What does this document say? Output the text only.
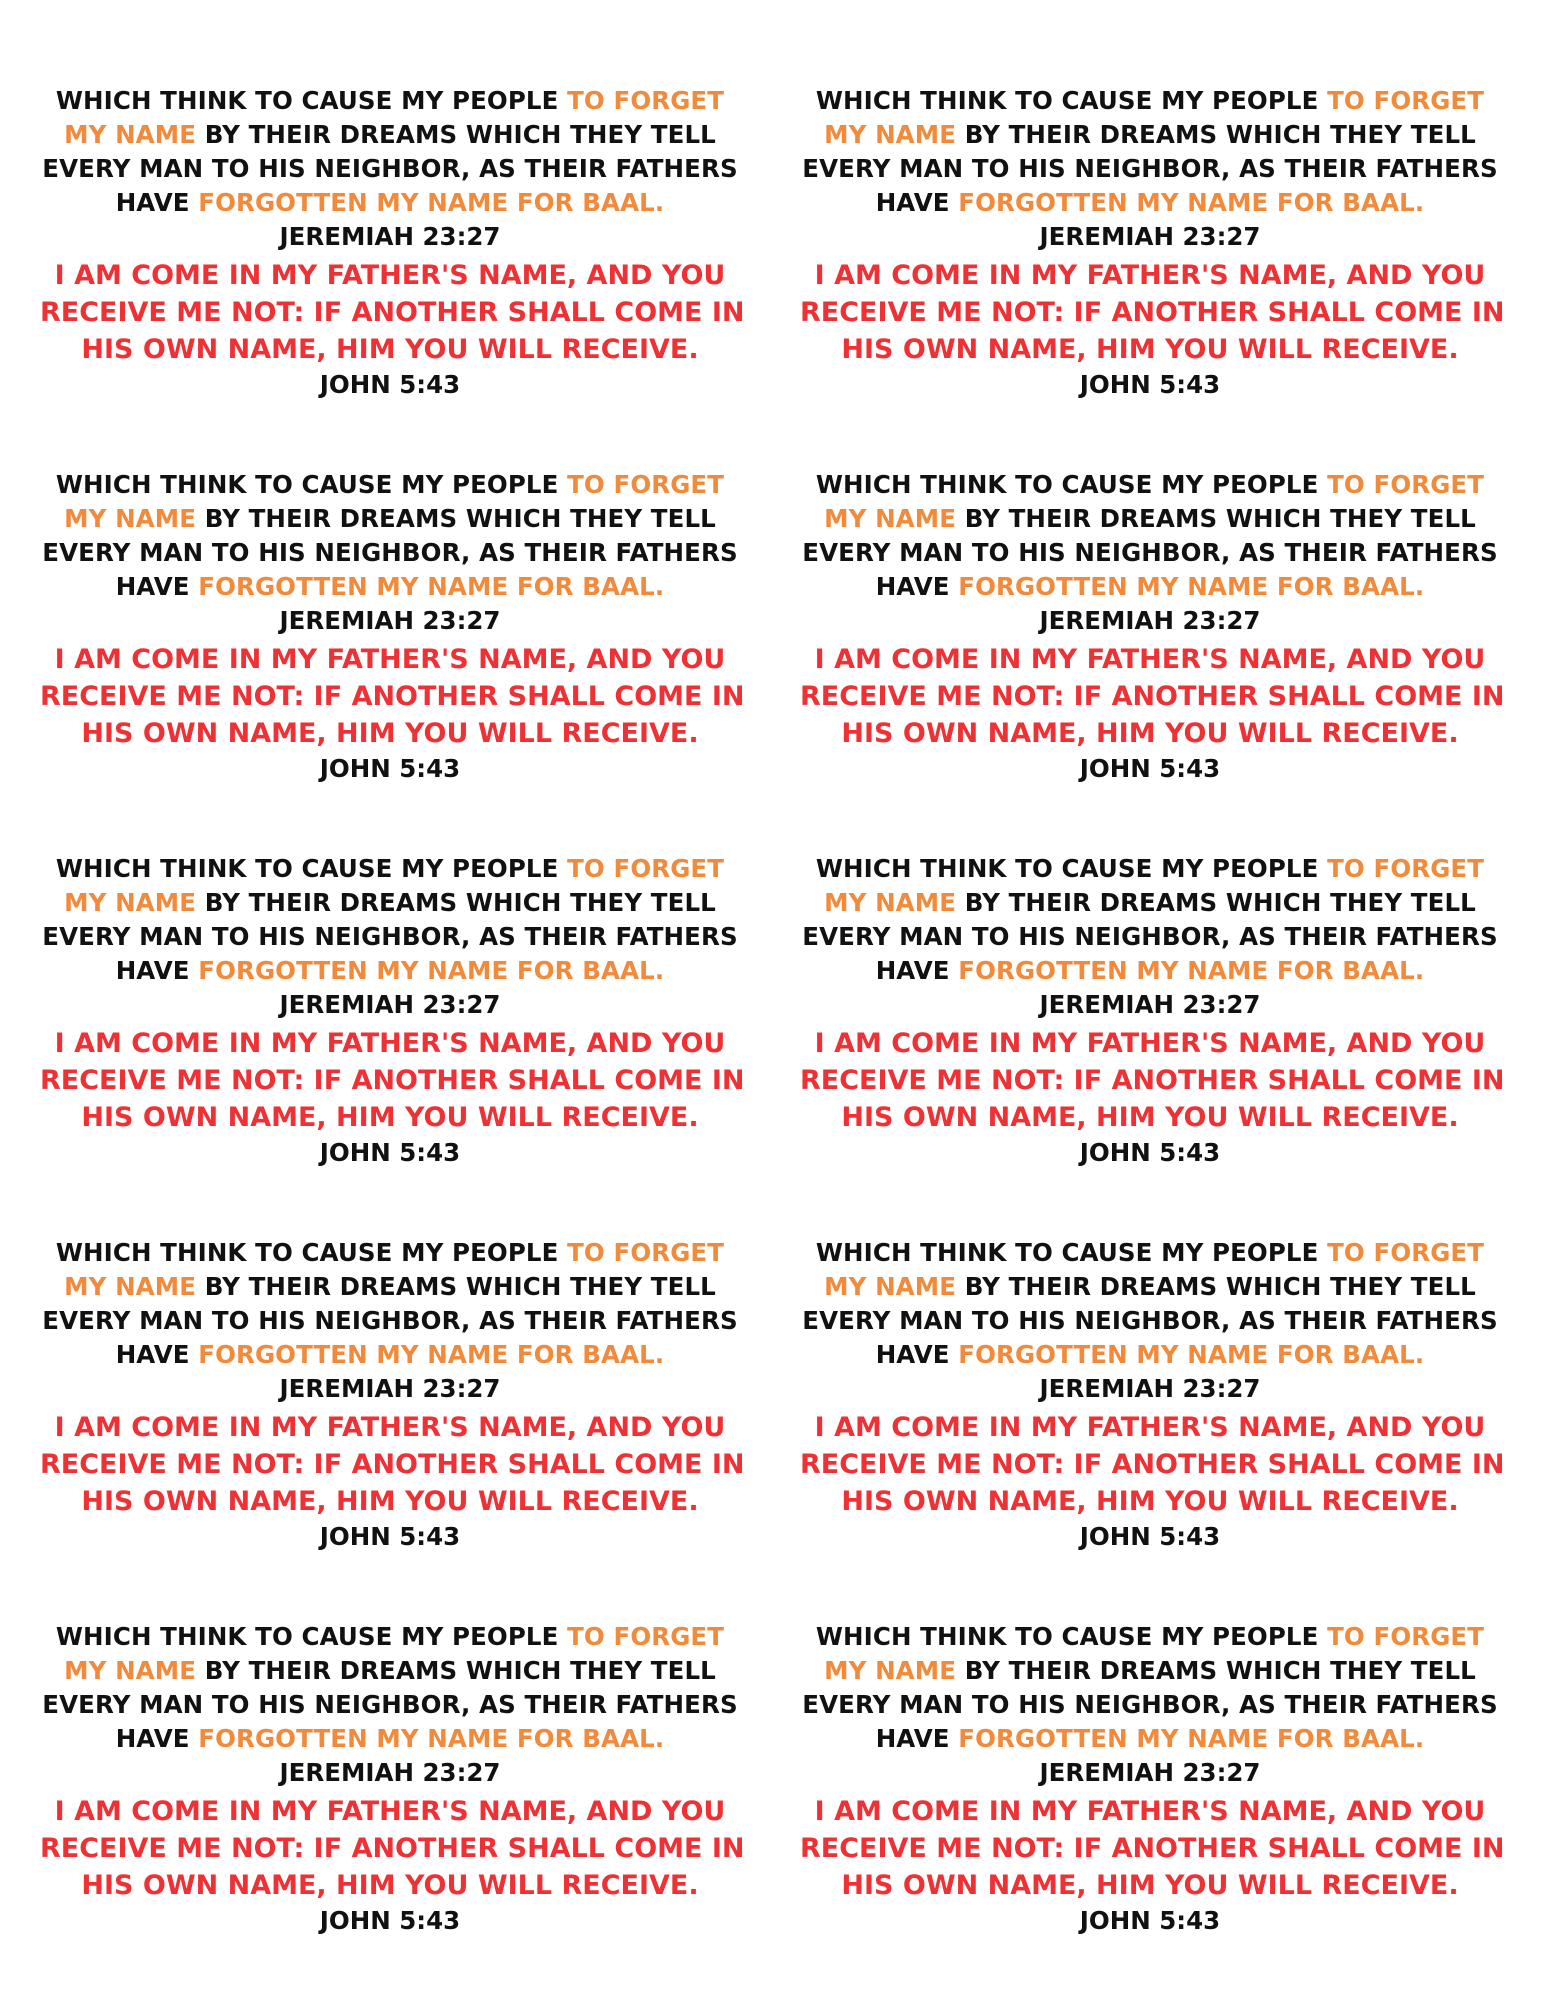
WHICH THINK TO CAUSE MY PEOPLE TO FORGET
MY NAME BY THEIR DREAMS WHICH THEY TELL
EVERY MAN TO HIS NEIGHBOR, AS THEIR FATHERS
HAVE FORGOTTEN MY NAME FOR BAAL.
JEREMIAH 23:27
I AM COME IN MY FATHER'S NAME, AND YOU
RECEIVE ME NOT: IF ANOTHER SHALL COME IN
HIS OWN NAME, HIM YOU WILL RECEIVE.
JOHN 5:43
WHICH THINK TO CAUSE MY PEOPLE TO FORGET
MY NAME BY THEIR DREAMS WHICH THEY TELL
EVERY MAN TO HIS NEIGHBOR, AS THEIR FATHERS
HAVE FORGOTTEN MY NAME FOR BAAL.
JEREMIAH 23:27
I AM COME IN MY FATHER'S NAME, AND YOU
RECEIVE ME NOT: IF ANOTHER SHALL COME IN
HIS OWN NAME, HIM YOU WILL RECEIVE.
JOHN 5:43
WHICH THINK TO CAUSE MY PEOPLE TO FORGET
MY NAME BY THEIR DREAMS WHICH THEY TELL
EVERY MAN TO HIS NEIGHBOR, AS THEIR FATHERS
HAVE FORGOTTEN MY NAME FOR BAAL.
JEREMIAH 23:27
I AM COME IN MY FATHER'S NAME, AND YOU
RECEIVE ME NOT: IF ANOTHER SHALL COME IN
HIS OWN NAME, HIM YOU WILL RECEIVE.
JOHN 5:43
WHICH THINK TO CAUSE MY PEOPLE TO FORGET
MY NAME BY THEIR DREAMS WHICH THEY TELL
EVERY MAN TO HIS NEIGHBOR, AS THEIR FATHERS
HAVE FORGOTTEN MY NAME FOR BAAL.
JEREMIAH 23:27
I AM COME IN MY FATHER'S NAME, AND YOU
RECEIVE ME NOT: IF ANOTHER SHALL COME IN
HIS OWN NAME, HIM YOU WILL RECEIVE.
JOHN 5:43
WHICH THINK TO CAUSE MY PEOPLE TO FORGET
MY NAME BY THEIR DREAMS WHICH THEY TELL
EVERY MAN TO HIS NEIGHBOR, AS THEIR FATHERS
HAVE FORGOTTEN MY NAME FOR BAAL.
JEREMIAH 23:27
I AM COME IN MY FATHER'S NAME, AND YOU
RECEIVE ME NOT: IF ANOTHER SHALL COME IN
HIS OWN NAME, HIM YOU WILL RECEIVE.
JOHN 5:43
WHICH THINK TO CAUSE MY PEOPLE TO FORGET
MY NAME BY THEIR DREAMS WHICH THEY TELL
EVERY MAN TO HIS NEIGHBOR, AS THEIR FATHERS
HAVE FORGOTTEN MY NAME FOR BAAL.
JEREMIAH 23:27
I AM COME IN MY FATHER'S NAME, AND YOU
RECEIVE ME NOT: IF ANOTHER SHALL COME IN
HIS OWN NAME, HIM YOU WILL RECEIVE.
JOHN 5:43
WHICH THINK TO CAUSE MY PEOPLE TO FORGET
MY NAME BY THEIR DREAMS WHICH THEY TELL
EVERY MAN TO HIS NEIGHBOR, AS THEIR FATHERS
HAVE FORGOTTEN MY NAME FOR BAAL.
JEREMIAH 23:27
I AM COME IN MY FATHER'S NAME, AND YOU
RECEIVE ME NOT: IF ANOTHER SHALL COME IN
HIS OWN NAME, HIM YOU WILL RECEIVE.
JOHN 5:43
WHICH THINK TO CAUSE MY PEOPLE TO FORGET
MY NAME BY THEIR DREAMS WHICH THEY TELL
EVERY MAN TO HIS NEIGHBOR, AS THEIR FATHERS
HAVE FORGOTTEN MY NAME FOR BAAL.
JEREMIAH 23:27
I AM COME IN MY FATHER'S NAME, AND YOU
RECEIVE ME NOT: IF ANOTHER SHALL COME IN
HIS OWN NAME, HIM YOU WILL RECEIVE.
JOHN 5:43
WHICH THINK TO CAUSE MY PEOPLE TO FORGET
MY NAME BY THEIR DREAMS WHICH THEY TELL
EVERY MAN TO HIS NEIGHBOR, AS THEIR FATHERS
HAVE FORGOTTEN MY NAME FOR BAAL.
JEREMIAH 23:27
I AM COME IN MY FATHER'S NAME, AND YOU
RECEIVE ME NOT: IF ANOTHER SHALL COME IN
HIS OWN NAME, HIM YOU WILL RECEIVE.
JOHN 5:43
WHICH THINK TO CAUSE MY PEOPLE TO FORGET
MY NAME BY THEIR DREAMS WHICH THEY TELL
EVERY MAN TO HIS NEIGHBOR, AS THEIR FATHERS
HAVE FORGOTTEN MY NAME FOR BAAL.
JEREMIAH 23:27
I AM COME IN MY FATHER'S NAME, AND YOU
RECEIVE ME NOT: IF ANOTHER SHALL COME IN
HIS OWN NAME, HIM YOU WILL RECEIVE.
JOHN 5:43
